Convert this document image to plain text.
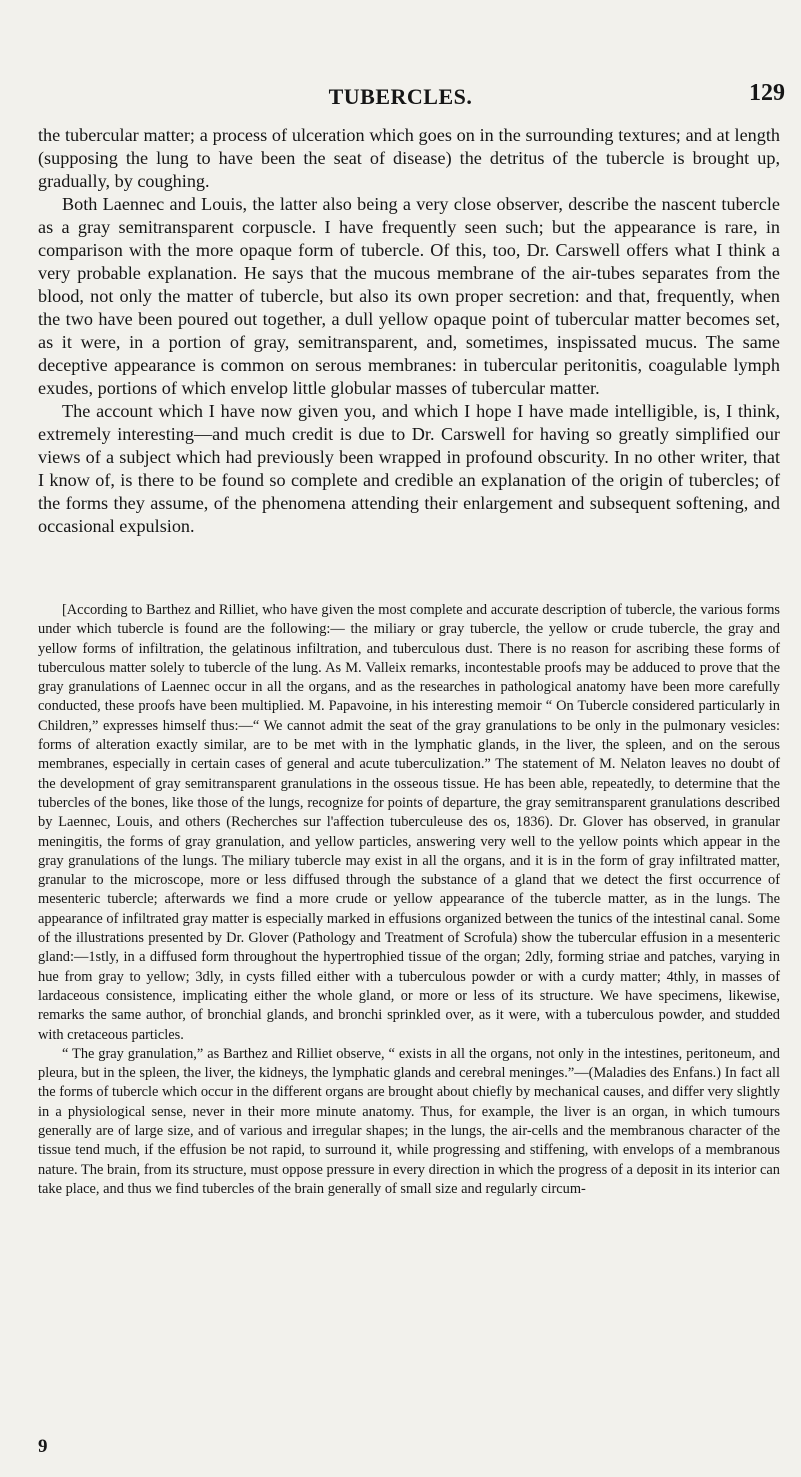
TUBERCLES.	129

the tubercular matter; a process of ulceration which goes on in the surrounding textures; and at length (supposing the lung to have been the seat of disease) the detritus of the tubercle is brought up, gradually, by coughing.

Both Laennec and Louis, the latter also being a very close observer, describe the nascent tubercle as a gray semitransparent corpuscle. I have frequently seen such; but the appearance is rare, in comparison with the more opaque form of tubercle. Of this, too, Dr. Carswell offers what I think a very probable explanation. He says that the mucous membrane of the air-tubes separates from the blood, not only the matter of tubercle, but also its own proper secretion: and that, frequently, when the two have been poured out together, a dull yellow opaque point of tubercular matter becomes set, as it were, in a portion of gray, semitransparent, and, sometimes, inspissated mucus. The same deceptive appearance is common on serous membranes: in tubercular peritonitis, coagulable lymph exudes, portions of which envelop little globular masses of tubercular matter.

The account which I have now given you, and which I hope I have made intelligible, is, I think, extremely interesting—and much credit is due to Dr. Carswell for having so greatly simplified our views of a subject which had previously been wrapped in profound obscurity. In no other writer, that I know of, is there to be found so complete and credible an explanation of the origin of tubercles; of the forms they assume, of the phenomena attending their enlargement and subsequent softening, and occasional expulsion.

[According to Barthez and Rilliet, who have given the most complete and accurate description of tubercle, the various forms under which tubercle is found are the following:— the miliary or gray tubercle, the yellow or crude tubercle, the gray and yellow forms of infiltration, the gelatinous infiltration, and tuberculous dust. There is no reason for ascribing these forms of tuberculous matter solely to tubercle of the lung. As M. Valleix remarks, incontestable proofs may be adduced to prove that the gray granulations of Laennec occur in all the organs, and as the researches in pathological anatomy have been more carefully conducted, these proofs have been multiplied. M. Papavoine, in his interesting memoir “ On Tubercle considered particularly in Children,” expresses himself thus:—“ We cannot admit the seat of the gray granulations to be only in the pulmonary vesicles: forms of alteration exactly similar, are to be met with in the lymphatic glands, in the liver, the spleen, and on the serous membranes, especially in certain cases of general and acute tuberculization.” The statement of M. Nelaton leaves no doubt of the development of gray semitransparent granulations in the osseous tissue. He has been able, repeatedly, to determine that the tubercles of the bones, like those of the lungs, recognize for points of departure, the gray semitransparent granulations described by Laennec, Louis, and others (Recherches sur l'affection tuberculeuse des os, 1836). Dr. Glover has observed, in granular meningitis, the forms of gray granulation, and yellow particles, answering very well to the yellow points which appear in the gray granulations of the lungs. The miliary tubercle may exist in all the organs, and it is in the form of gray infiltrated matter, granular to the microscope, more or less diffused through the substance of a gland that we detect the first occurrence of mesenteric tubercle; afterwards we find a more crude or yellow appearance of the tubercle matter, as in the lungs. The appearance of infiltrated gray matter is especially marked in effusions organized between the tunics of the intestinal canal. Some of the illustrations presented by Dr. Glover (Pathology and Treatment of Scrofula) show the tubercular effusion in a mesenteric gland:—1stly, in a diffused form throughout the hypertrophied tissue of the organ; 2dly, forming striae and patches, varying in hue from gray to yellow; 3dly, in cysts filled either with a tuberculous powder or with a curdy matter; 4thly, in masses of lardaceous consistence, implicating either the whole gland, or more or less of its structure. We have specimens, likewise, remarks the same author, of bronchial glands, and bronchi sprinkled over, as it were, with a tuberculous powder, and studded with cretaceous particles.

“ The gray granulation,” as Barthez and Rilliet observe, “ exists in all the organs, not only in the intestines, peritoneum, and pleura, but in the spleen, the liver, the kidneys, the lymphatic glands and cerebral meninges.”—(Maladies des Enfans.) In fact all the forms of tubercle which occur in the different organs are brought about chiefly by mechanical causes, and differ very slightly in a physiological sense, never in their more minute anatomy. Thus, for example, the liver is an organ, in which tumours generally are of large size, and of various and irregular shapes; in the lungs, the air-cells and the membranous character of the tissue tend much, if the effusion be not rapid, to surround it, while progressing and stiffening, with envelops of a membranous nature. The brain, from its structure, must oppose pressure in every direction in which the progress of a deposit in its interior can take place, and thus we find tubercles of the brain generally of small size and regularly circum-

9
